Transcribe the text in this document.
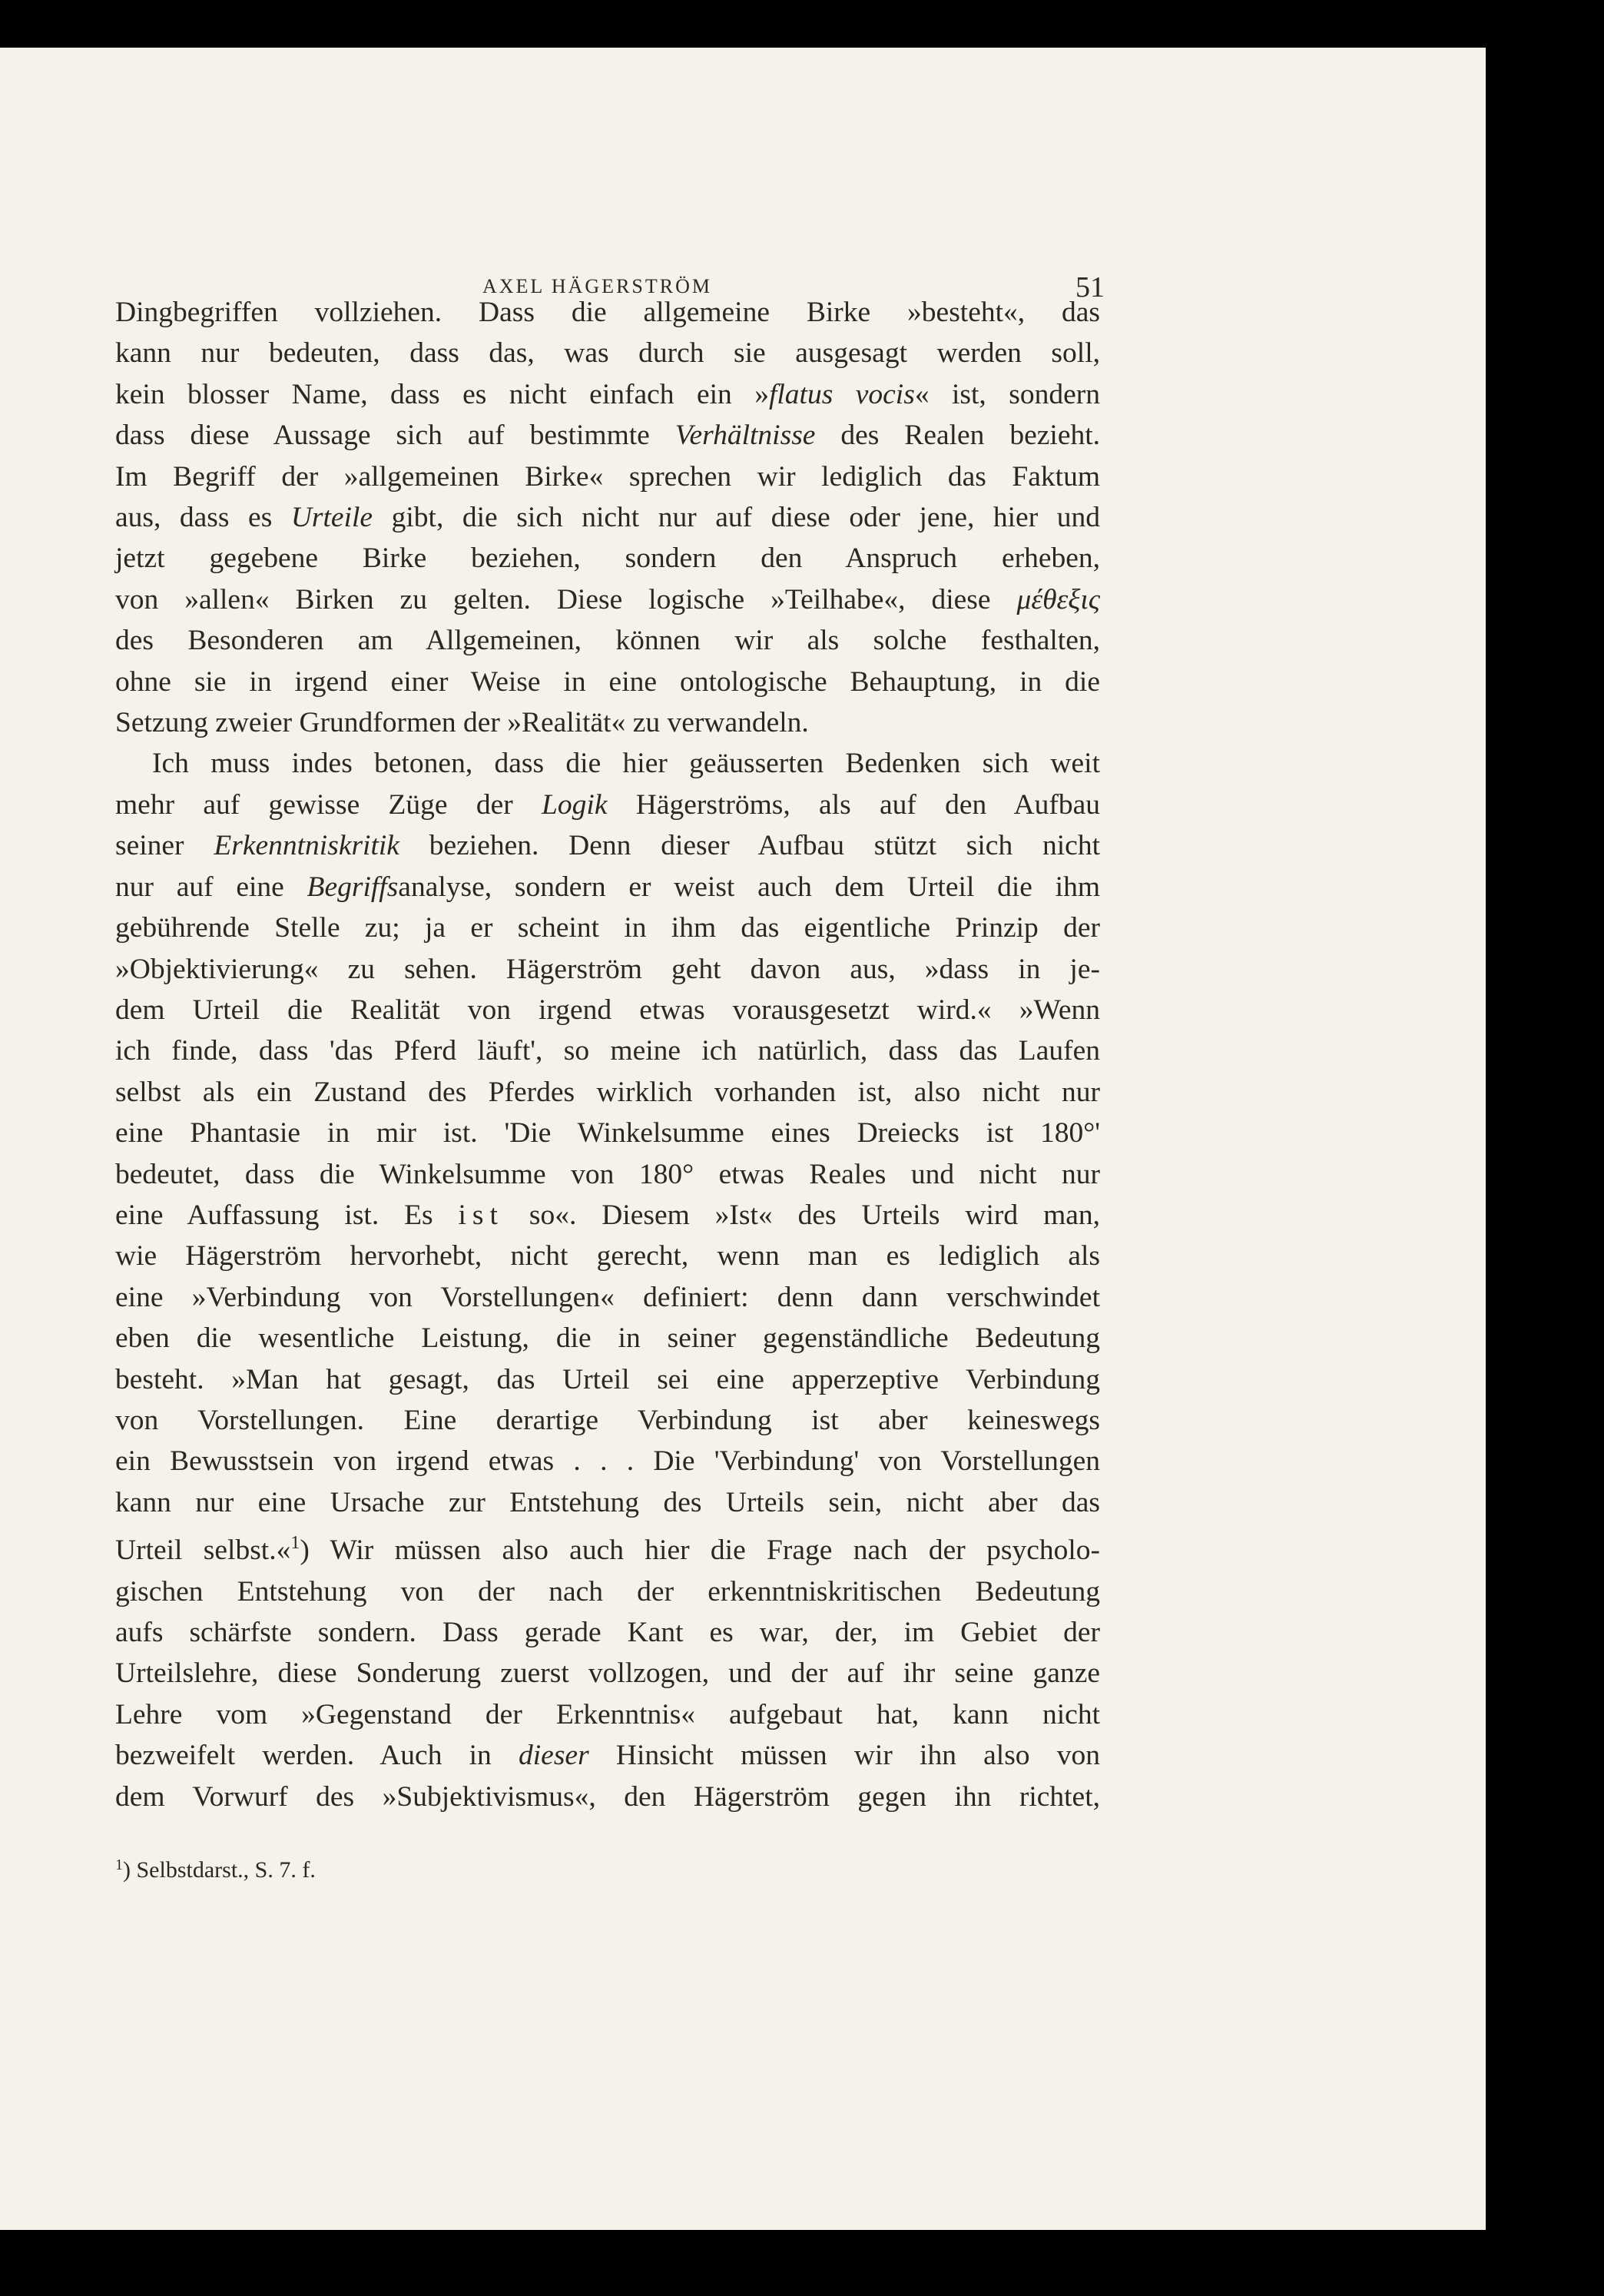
AXEL HÄGERSTRÖM	51
Dingbegriffen vollziehen. Dass die allgemeine Birke »besteht«, das
kann nur bedeuten, dass das, was durch sie ausgesagt werden soll,
kein blosser Name, dass es nicht einfach ein »flatus vocis« ist, sondern
dass diese Aussage sich auf bestimmte Verhältnisse des Realen bezieht.
Im Begriff der »allgemeinen Birke« sprechen wir lediglich das Faktum
aus, dass es Urteile gibt, die sich nicht nur auf diese oder jene, hier und
jetzt gegebene Birke beziehen, sondern den Anspruch erheben,
von »allen« Birken zu gelten. Diese logische »Teilhabe«, diese μέθεξις
des Besonderen am Allgemeinen, können wir als solche festhalten,
ohne sie in irgend einer Weise in eine ontologische Behauptung, in die
Setzung zweier Grundformen der »Realität« zu verwandeln.
Ich muss indes betonen, dass die hier geäusserten Bedenken sich weit
mehr auf gewisse Züge der Logik Hägerströms, als auf den Aufbau
seiner Erkenntniskritik beziehen. Denn dieser Aufbau stützt sich nicht
nur auf eine Begriffsanalyse, sondern er weist auch dem Urteil die ihm
gebührende Stelle zu; ja er scheint in ihm das eigentliche Prinzip der
»Objektivierung« zu sehen. Hägerström geht davon aus, »dass in je-
dem Urteil die Realität von irgend etwas vorausgesetzt wird.« »Wenn
ich finde, dass 'das Pferd läuft', so meine ich natürlich, dass das Laufen
selbst als ein Zustand des Pferdes wirklich vorhanden ist, also nicht nur
eine Phantasie in mir ist. 'Die Winkelsumme eines Dreiecks ist 180°'
bedeutet, dass die Winkelsumme von 180° etwas Reales und nicht nur
eine Auffassung ist. Es ist so«. Diesem »Ist« des Urteils wird man,
wie Hägerström hervorhebt, nicht gerecht, wenn man es lediglich als
eine »Verbindung von Vorstellungen« definiert: denn dann verschwindet
eben die wesentliche Leistung, die in seiner gegenständliche Bedeutung
besteht. »Man hat gesagt, das Urteil sei eine apperzeptive Verbindung
von Vorstellungen. Eine derartige Verbindung ist aber keineswegs
ein Bewusstsein von irgend etwas . . . Die 'Verbindung' von Vorstellungen
kann nur eine Ursache zur Entstehung des Urteils sein, nicht aber das
Urteil selbst.«$^1$) Wir müssen also auch hier die Frage nach der psycholo-
gischen Entstehung von der nach der erkenntniskritischen Bedeutung
aufs schärfste sondern. Dass gerade Kant es war, der, im Gebiet der
Urteilslehre, diese Sonderung zuerst vollzogen, und der auf ihr seine ganze
Lehre vom »Gegenstand der Erkenntnis« aufgebaut hat, kann nicht
bezweifelt werden. Auch in dieser Hinsicht müssen wir ihn also von
dem Vorwurf des »Subjektivismus«, den Hägerström gegen ihn richtet,
$^1$) Selbstdarst., S. 7. f.
